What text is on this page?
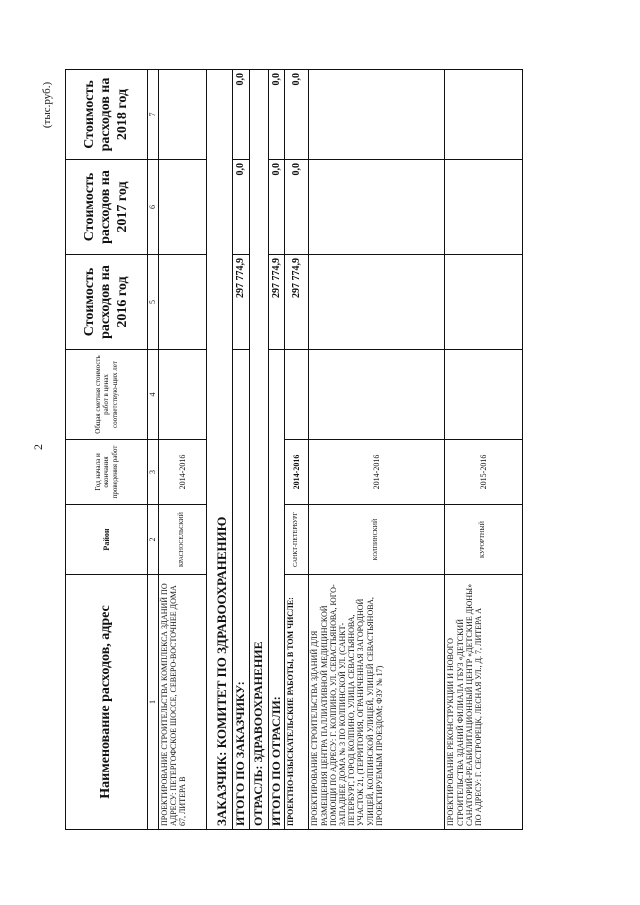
2
(тыс.руб.)
Наименование расходов, адрес	Район	Год начала и окончания проведения работ	Общая сметная стоимость работ в ценах соответствую-щих лет	Стоимость расходов на 2016 год	Стоимость расходов на 2017 год	Стоимость расходов на 2018 год
1	2	3	4	5	6	7
ПРОЕКТИРОВАНИЕ СТРОИТЕЛЬСТВА КОМПЛЕКСА ЗДАНИЙ ПО АДРЕСУ: ПЕТЕРГОФСКОЕ ШОССЕ, СЕВЕРО-ВОСТОЧНЕЕ ДОМА 67, ЛИТЕРА В	КРАСНОСЕЛЬСКИЙ	2014-2016				
ЗАКАЗЧИК: КОМИТЕТ ПО ЗДРАВООХРАНЕНИЮ						
ИТОГО ПО ЗАКАЗЧИКУ:				297 774,9	0,0	0,0
ОТРАСЛЬ: ЗДРАВООХРАНЕНИЕ						
ИТОГО ПО ОТРАСЛИ:				297 774,9	0,0	0,0
ПРОЕКТНО-ИЗЫСКАТЕЛЬСКИЕ РАБОТЫ, В ТОМ ЧИСЛЕ:	САНКТ-ПЕТЕРБУРГ	2014-2016		297 774,9	0,0	0,0
ПРОЕКТИРОВАНИЕ СТРОИТЕЛЬСТВА ЗДАНИЙ ДЛЯ РАЗМЕЩЕНИЯ ЦЕНТРА ПАЛЛИАТИВНОЙ МЕДИЦИНСКОЙ ПОМОЩИ ПО АДРЕСУ: Г. КОЛПИНО, УЛ. СЕВАСТЬЯНОВА, ЮГО-ЗАПАДНЕЕ ДОМА № 3 ПО КОЛПИНСКОЙ УЛ. (САНКТ-ПЕТЕРБУРГ, ГОРОД КОЛПИНО, УЛИЦА СЕВАСТЬЯНОВА, УЧАСТОК 21, (ТЕРРИТОРИЯ, ОГРАНИЧЕННАЯ ЗАГОРОДНОЙ УЛИЦЕЙ, КОЛПИНСКОЙ УЛИЦЕЙ, УЛИЦЕЙ СЕВАСТЬЯНОВА, ПРОЕКТИРУЕМЫМ ПРОЕЗДОМ; ФЗУ № 17)	КОЛПИНСКИЙ	2014-2016				
ПРОЕКТИРОВАНИЕ РЕКОНСТРУКЦИИ И НОВОГО СТРОИТЕЛЬСТВА ЗДАНИЙ ФИЛИАЛА ГБУЗ «ДЕТСКИЙ САНАТОРИЙ-РЕАБИЛИТАЦИОННЫЙ ЦЕНТР «ДЕТСКИЕ ДЮНЫ» ПО АДРЕСУ: Г. СЕСТРОРЕЦК, ЛЕСНАЯ УЛ., Д. 7, ЛИТЕРА А	КУРОРТНЫЙ	2015-2016				
